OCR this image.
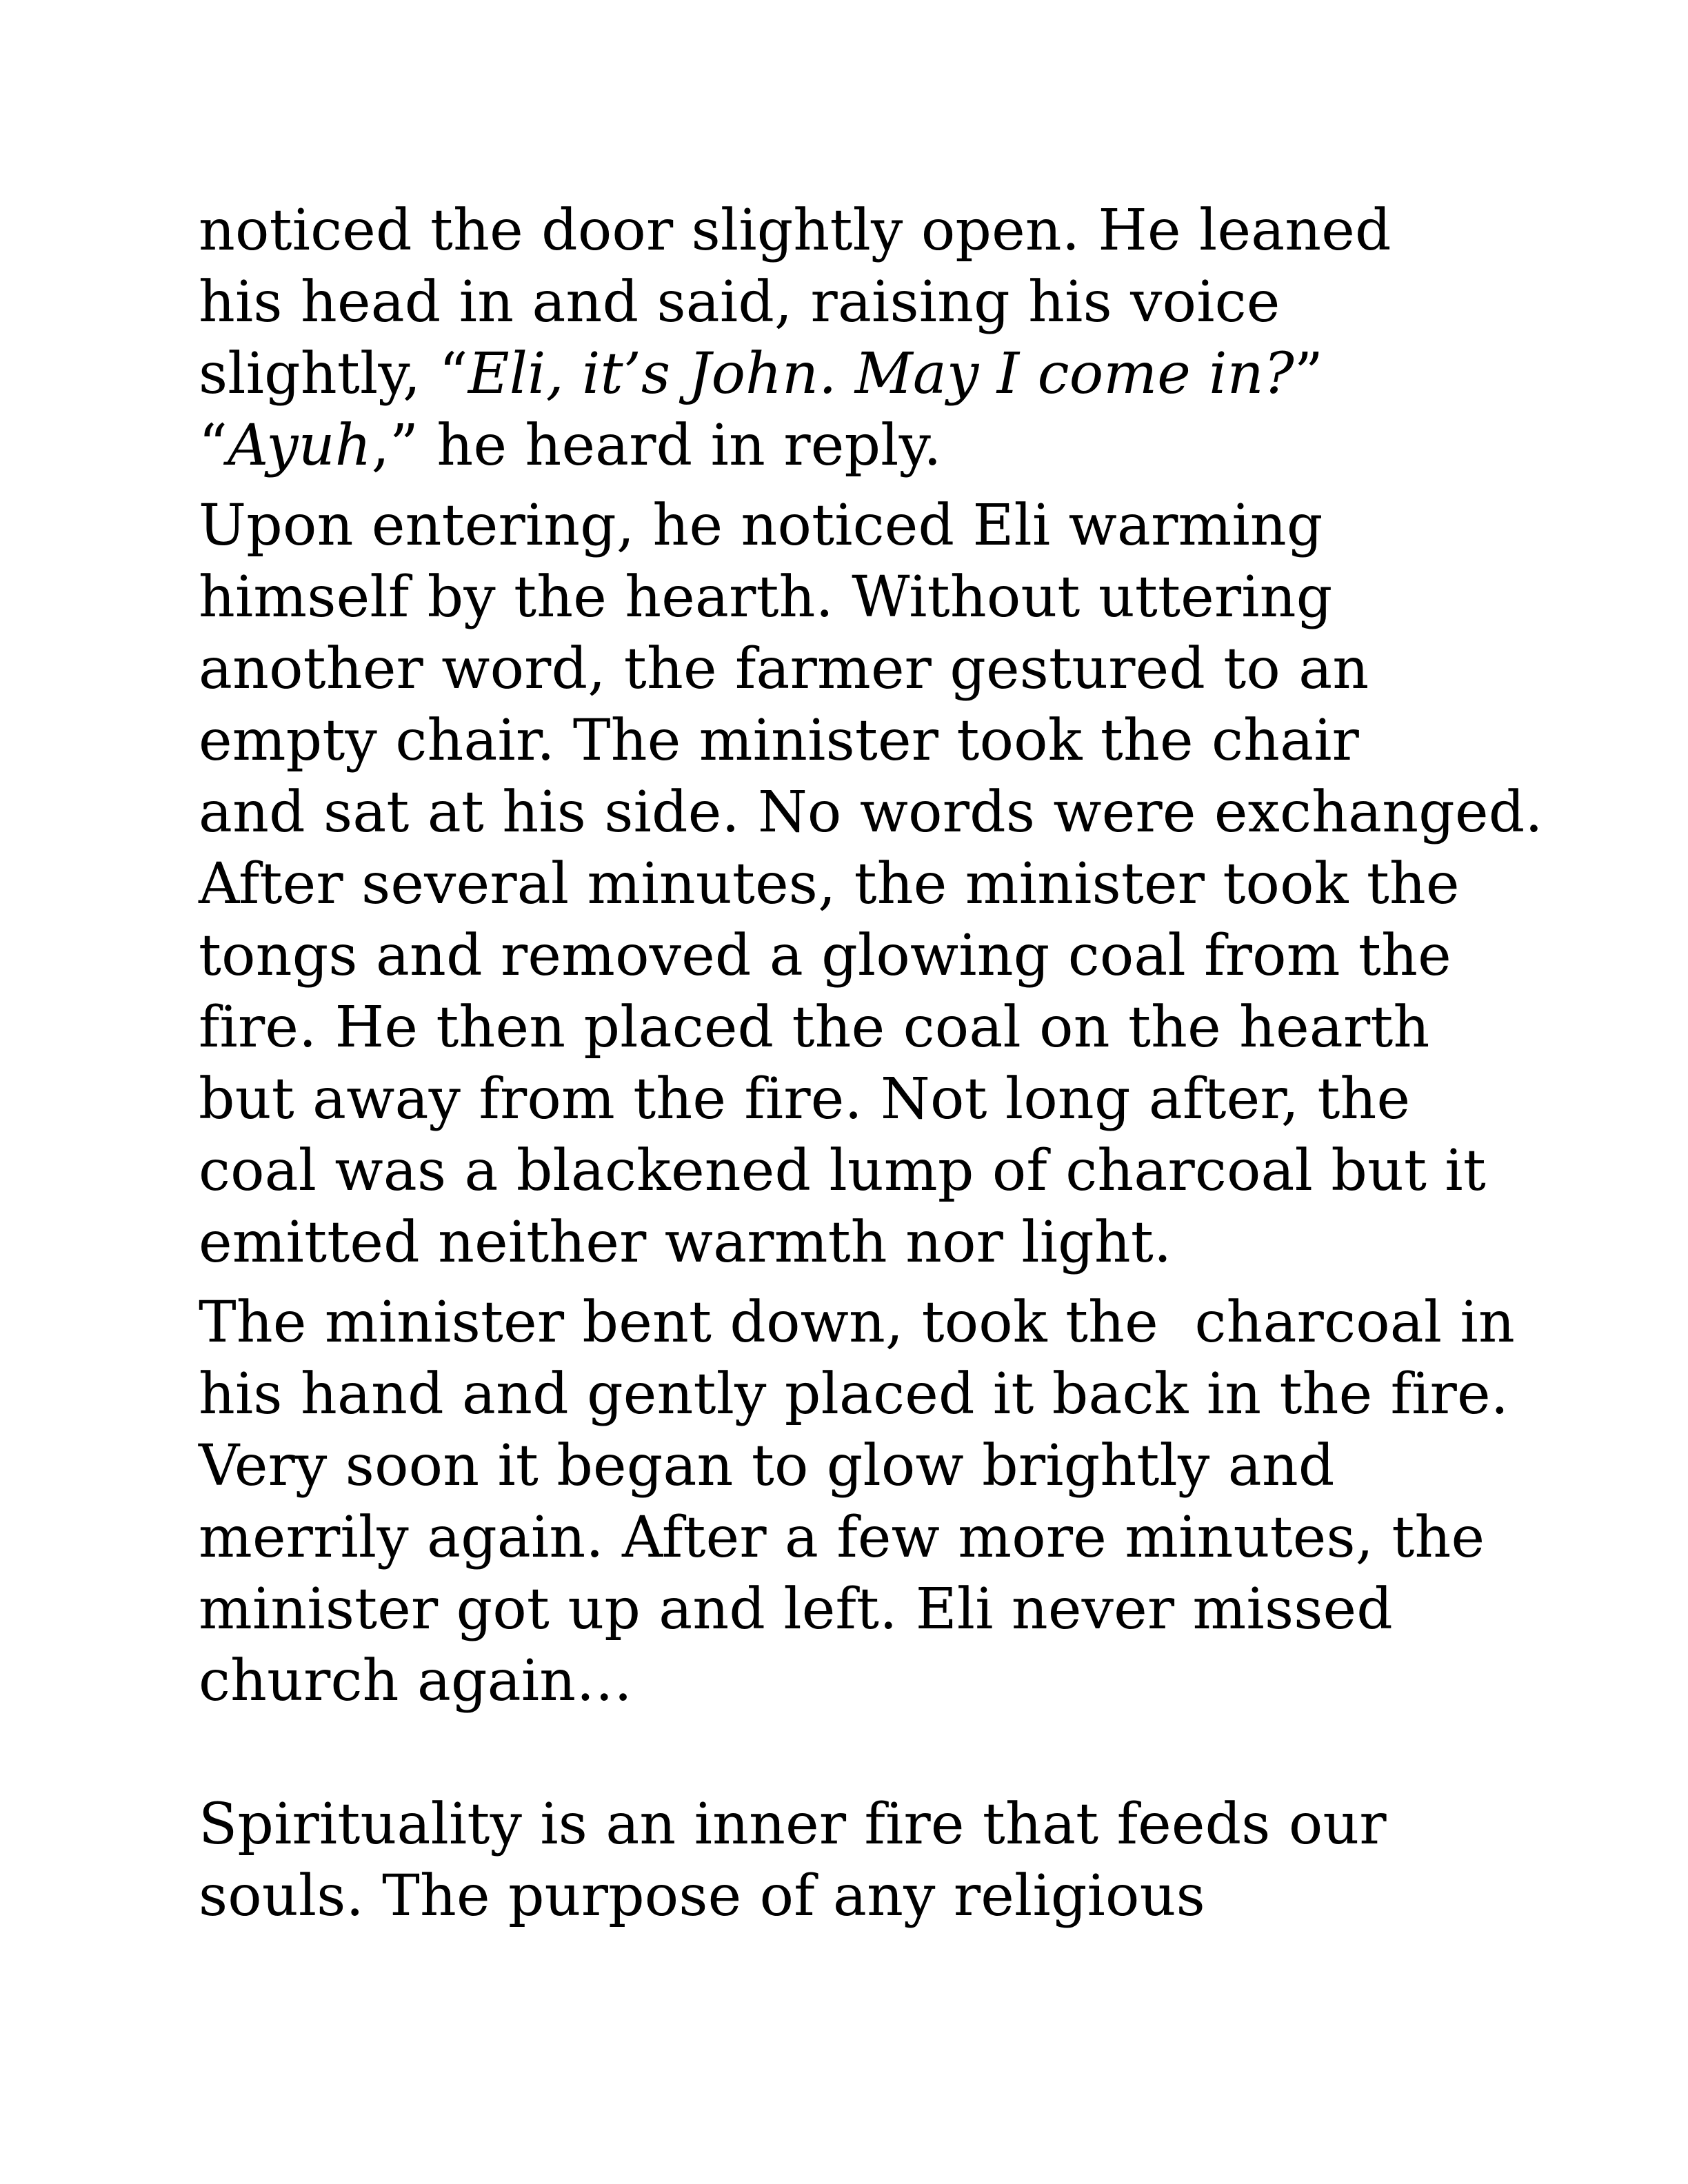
noticed the door slightly open. He leaned
his head in and said, raising his voice
slightly, “Eli, it’s John. May I come in?”
“Ayuh,” he heard in reply.
Upon entering, he noticed Eli warming
himself by the hearth. Without uttering
another word, the farmer gestured to an
empty chair. The minister took the chair
and sat at his side. No words were exchanged.
After several minutes, the minister took the
tongs and removed a glowing coal from the
fire. He then placed the coal on the hearth
but away from the fire. Not long after, the
coal was a blackened lump of charcoal but it
emitted neither warmth nor light.
The minister bent down, took the  charcoal in
his hand and gently placed it back in the fire.
Very soon it began to glow brightly and
merrily again. After a few more minutes, the
minister got up and left. Eli never missed
church again…
Spirituality is an inner fire that feeds our
souls. The purpose of any religious
